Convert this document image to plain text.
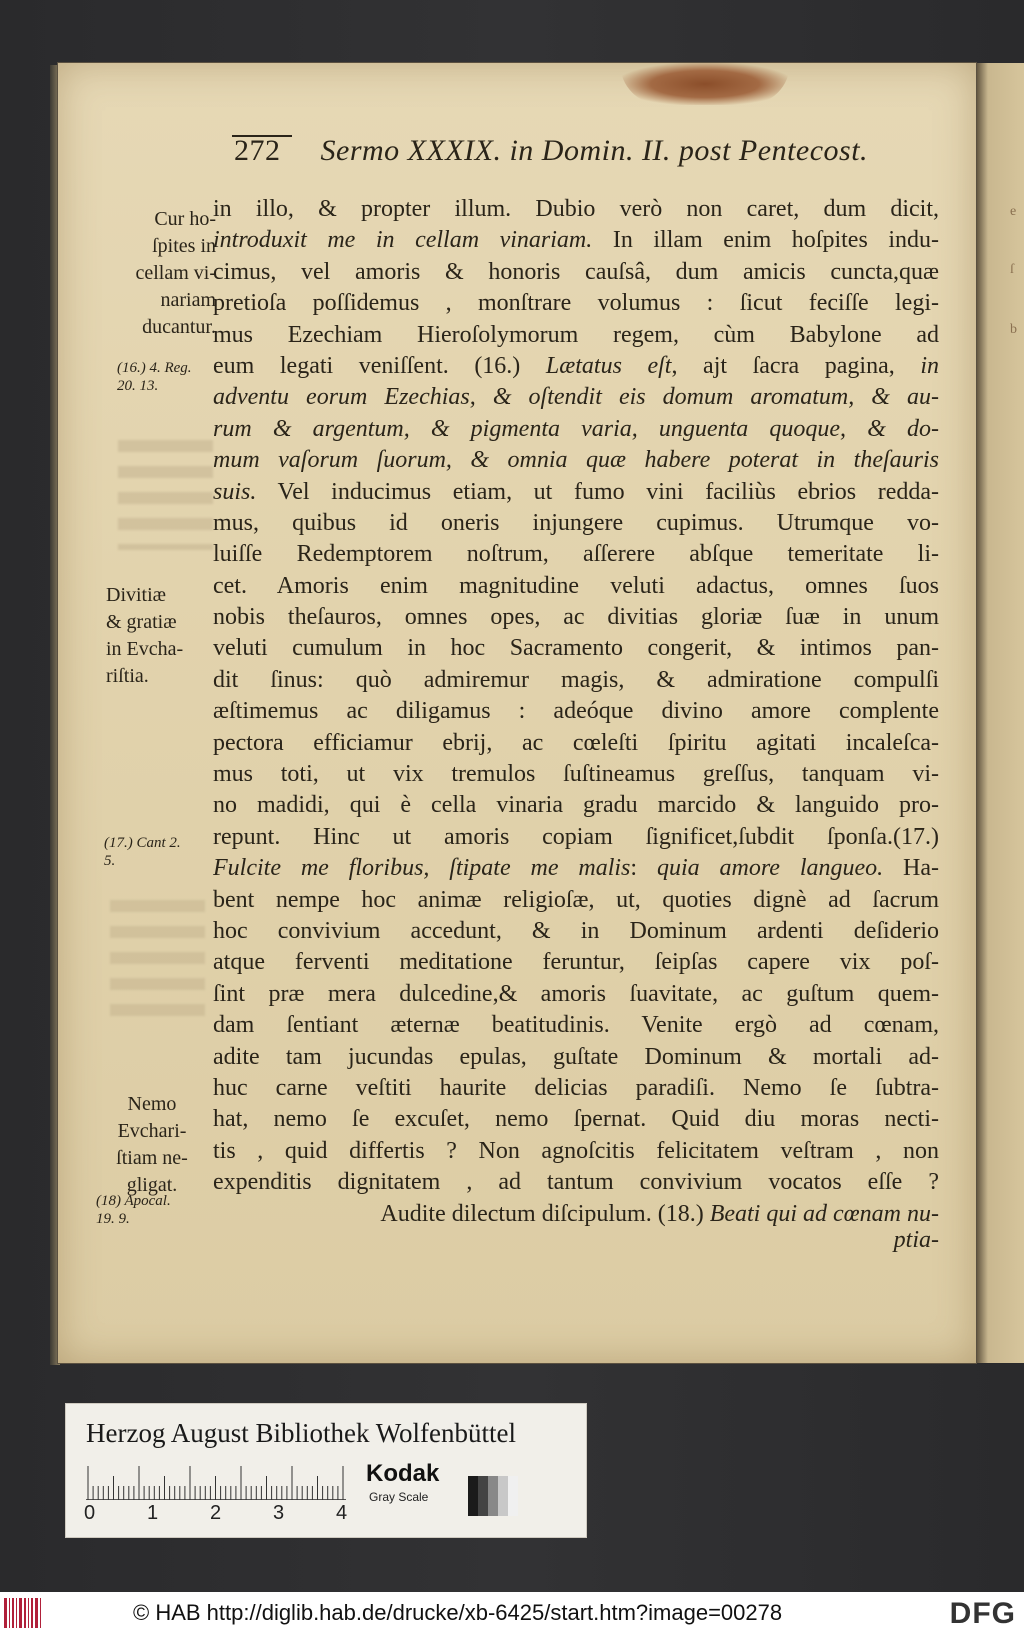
e
ſ
b
272 Sermo XXXIX. in Domin. II. post Pentecost.
in illo, & propter illum. Dubio verò non caret, dum dicit,
introduxit me in cellam vinariam. In illam enim hoſpites indu-
cimus, vel amoris & honoris cauſsâ, dum amicis cuncta,quæ
pretioſa poſſidemus , monſtrare volumus : ſicut feciſſe legi-
mus Ezechiam Hieroſolymorum regem, cùm Babylone ad
eum legati veniſſent. (16.) Lætatus eſt, ajt ſacra pagina, in
adventu eorum Ezechias, & oſtendit eis domum aromatum, & au-
rum & argentum, & pigmenta varia, unguenta quoque, & do-
mum vaſorum ſuorum, & omnia quæ habere poterat in theſauris
suis. Vel inducimus etiam, ut fumo vini faciliùs ebrios redda-
mus, quibus id oneris injungere cupimus. Utrumque vo-
luiſſe Redemptorem noſtrum, aſſerere abſque temeritate li-
cet. Amoris enim magnitudine veluti adactus, omnes ſuos
nobis theſauros, omnes opes, ac divitias gloriæ ſuæ in unum
veluti cumulum in hoc Sacramento congerit, & intimos pan-
dit ſinus: quò admiremur magis, & admiratione compulſi
æſtimemus ac diligamus : adeóque divino amore complente
pectora efficiamur ebrij, ac cœleſti ſpiritu agitati incaleſca-
mus toti, ut vix tremulos ſuſtineamus greſſus, tanquam vi-
no madidi, qui è cella vinaria gradu marcido & languido pro-
repunt. Hinc ut amoris copiam ſignificet,ſubdit ſponſa.(17.)
Fulcite me floribus, ſtipate me malis: quia amore langueo. Ha-
bent nempe hoc animæ religioſæ, ut, quoties dignè ad ſacrum
hoc convivium accedunt, & in Dominum ardenti deſiderio
atque ferventi meditatione feruntur, ſeipſas capere vix poſ-
ſint præ mera dulcedine,& amoris ſuavitate, ac guſtum quem-
dam ſentiant æternæ beatitudinis. Venite ergò ad cœnam,
adite tam jucundas epulas, guſtate Dominum & mortali ad-
huc carne veſtiti haurite delicias paradiſi. Nemo ſe ſubtra-
hat, nemo ſe excuſet, nemo ſpernat. Quid diu moras necti-
tis , quid differtis ? Non agnoſcitis felicitatem veſtram , non
expenditis dignitatem , ad tantum convivium vocatos eſſe ?
Audite dilectum diſcipulum. (18.) Beati qui ad cœnam nu-
ptia-
Cur ho-
ſpites in
cellam vi-
nariam
ducantur.
(16.) 4. Reg.
20. 13.
Divitiæ
& gratiæ
in Evcha-
riſtia.
(17.) Cant 2.
5.
Nemo
Evchari-
ſtiam ne-
gligat.
(18) Apocal.
19. 9.
Herzog August Bibliothek Wolfenbüttel
0	1	2	3	4
Kodak
Gray Scale
© HAB http://diglib.hab.de/drucke/xb-6425/start.htm?image=00278	DFG
